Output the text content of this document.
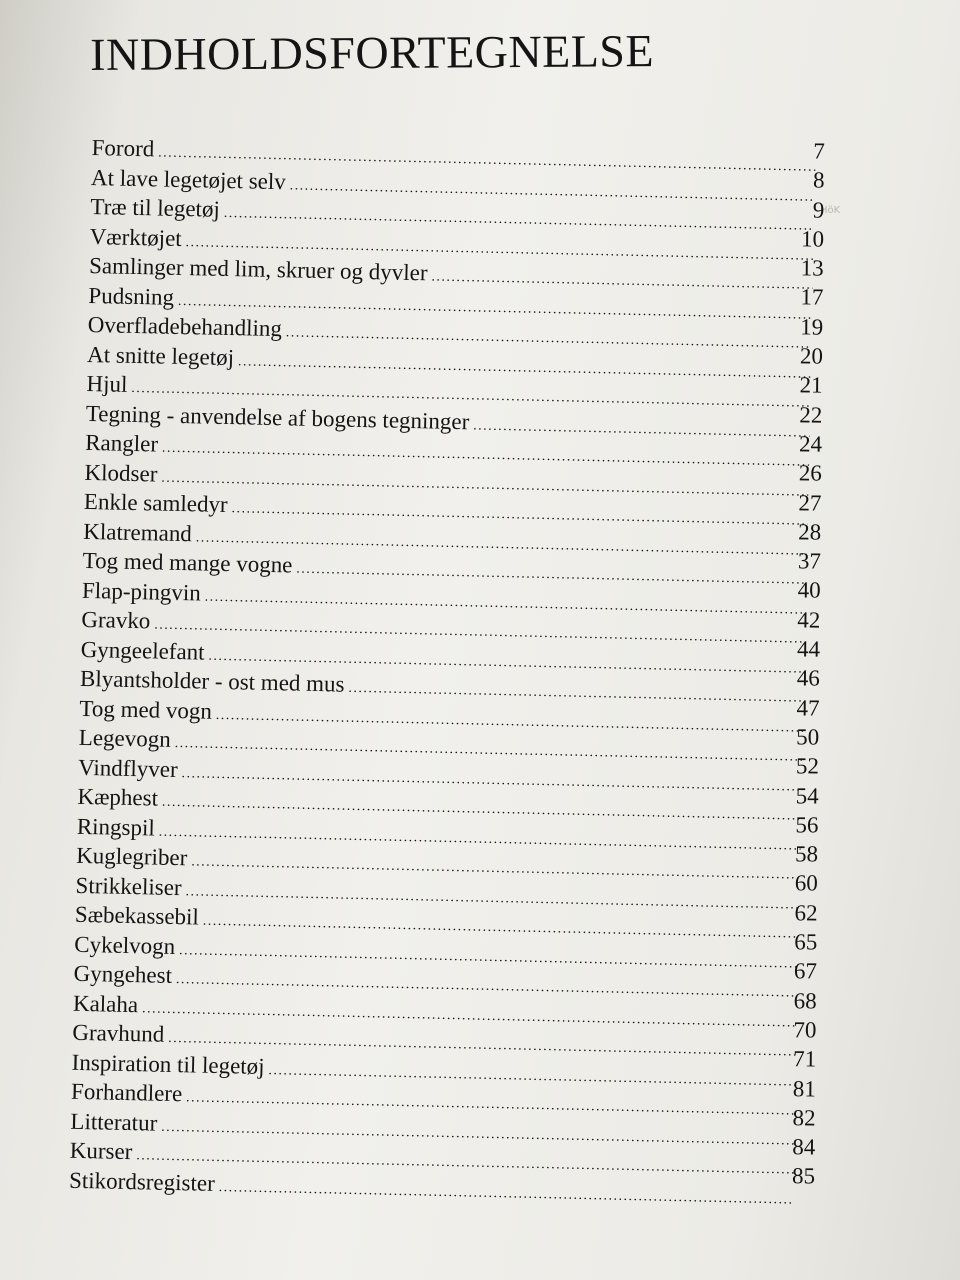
INDHOLDSFORTEGNELSE
HöK
Forord
.....
At lave legetøjet selv
.....
Træ til legetøj
.....
Værktøjet
.....
Samlinger med lim, skruer og dyvler
.....
Pudsning
.....
Overfladebehandling
.....
At snitte legetøj
.....
Hjul
.....
Tegning - anvendelse af bogens tegninger
.....
Rangler
.....
Klodser
.....
Enkle samledyr
.....
Klatremand
.....
Tog med mange vogne
.....
Flap-pingvin
.....
Gravko
.....
Gyngeelefant
.....
Blyantsholder - ost med mus
.....
Tog med vogn
.....
Legevogn
.....
Vindflyver
.....
Kæphest
.....
Ringspil
.....
Kuglegriber
.....
Strikkeliser
.....
Sæbekassebil
.....
Cykelvogn
.....
Gyngehest
.....
Kalaha
.....
Gravhund
.....
Inspiration til legetøj
.....
Forhandlere
.....
Litteratur
.....
Kurser
.....
Stikordsregister
.....
7
8
9
10
13
17
19
20
21
22
24
26
27
28
37
40
42
44
46
47
50
52
54
56
58
60
62
65
67
68
70
71
81
82
84
85
